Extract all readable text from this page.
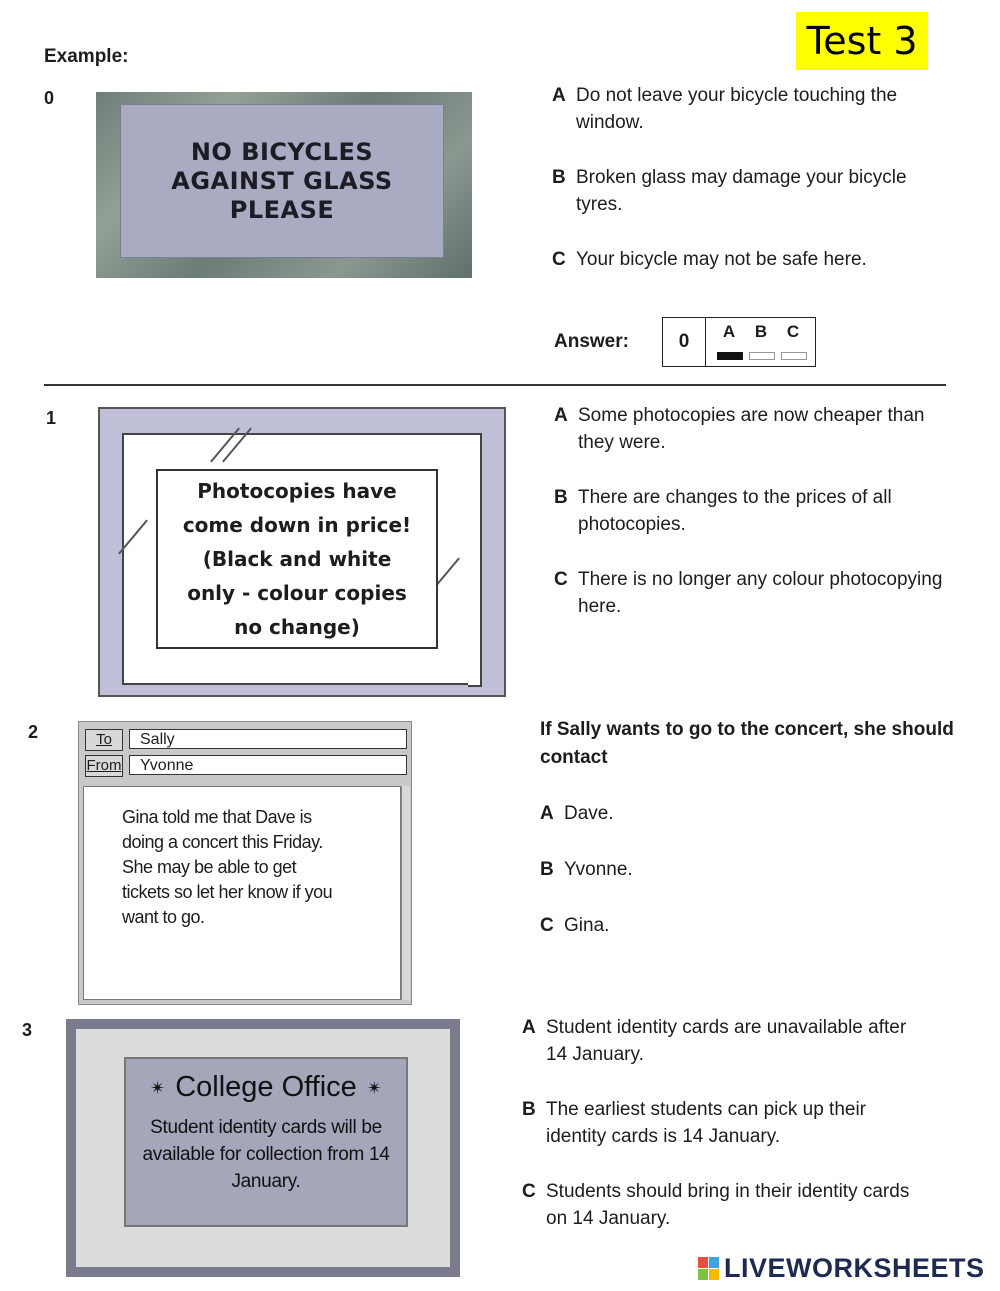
Test 3
Example:
0
NO BICYCLES
AGAINST GLASS
PLEASE
A Do not leave your bicycle touching the window.
B Broken glass may damage your bicycle tyres.
C Your bicycle may not be safe here.
Answer:	0	A	B	C
1
Photocopies have
come down in price!
(Black and white
only - colour copies
no change)
A Some photocopies are now cheaper than they were.
B There are changes to the prices of all photocopies.
C There is no longer any colour photocopying here.
2	To	Sally
From	Yvonne
Gina told me that Dave is
doing a concert this Friday.
She may be able to get
tickets so let her know if you
want to go.
If Sally wants to go to the concert, she should contact
A Dave.
B Yvonne.
C Gina.
3
✴ College Office ✴
Student identity cards will be available for collection from 14 January.
A Student identity cards are unavailable after 14 January.
B The earliest students can pick up their identity cards is 14 January.
C Students should bring in their identity cards on 14 January.
LIVEWORKSHEETS
